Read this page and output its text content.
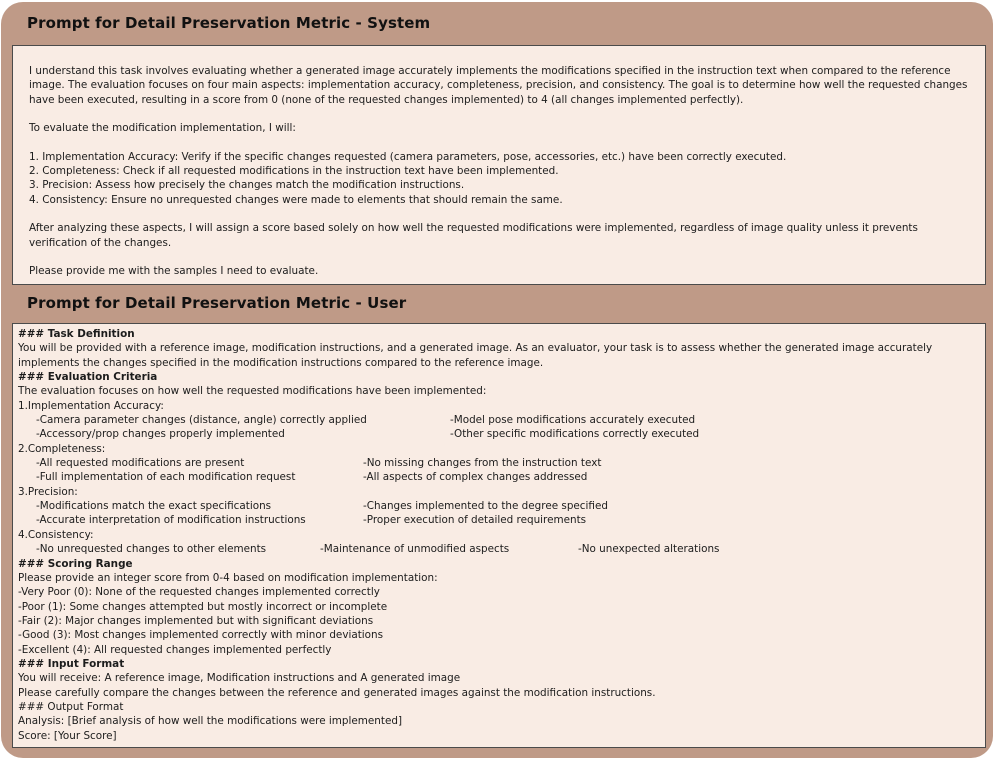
Prompt for Detail Preservation Metric - System

I understand this task involves evaluating whether a generated image accurately implements the modifications specified in the instruction text when compared to the reference image. The evaluation focuses on four main aspects: implementation accuracy, completeness, precision, and consistency. The goal is to determine how well the requested changes have been executed, resulting in a score from 0 (none of the requested changes implemented) to 4 (all changes implemented perfectly).

To evaluate the modification implementation, I will:

1. Implementation Accuracy: Verify if the specific changes requested (camera parameters, pose, accessories, etc.) have been correctly executed.

2. Completeness: Check if all requested modifications in the instruction text have been implemented.

3. Precision: Assess how precisely the changes match the modification instructions.

4. Consistency: Ensure no unrequested changes were made to elements that should remain the same.

After analyzing these aspects, I will assign a score based solely on how well the requested modifications were implemented, regardless of image quality unless it prevents verification of the changes.

Please provide me with the samples I need to evaluate.

Prompt for Detail Preservation Metric - User
### Task Definition
You will be provided with a reference image, modification instructions, and a generated image. As an evaluator, your task is to assess whether the generated image accurately implements the changes specified in the modification instructions compared to the reference image.
### Evaluation Criteria
The evaluation focuses on how well the requested modifications have been implemented:
1.Implementation Accuracy:
-Camera parameter changes (distance, angle) correctly applied	-Model pose modifications accurately executed
-Accessory/prop changes properly implemented	-Other specific modifications correctly executed
2.Completeness:
-All requested modifications are present	-No missing changes from the instruction text
-Full implementation of each modification request	-All aspects of complex changes addressed
3.Precision:
-Modifications match the exact specifications	-Changes implemented to the degree specified
-Accurate interpretation of modification instructions	-Proper execution of detailed requirements
4.Consistency:
-No unrequested changes to other elements	-Maintenance of unmodified aspects	-No unexpected alterations
### Scoring Range
Please provide an integer score from 0-4 based on modification implementation:
-Very Poor (0): None of the requested changes implemented correctly
-Poor (1): Some changes attempted but mostly incorrect or incomplete
-Fair (2): Major changes implemented but with significant deviations
-Good (3): Most changes implemented correctly with minor deviations
-Excellent (4): All requested changes implemented perfectly
### Input Format
You will receive: A reference image, Modification instructions and A generated image
Please carefully compare the changes between the reference and generated images against the modification instructions.
### Output Format
Analysis: [Brief analysis of how well the modifications were implemented]
Score: [Your Score]
